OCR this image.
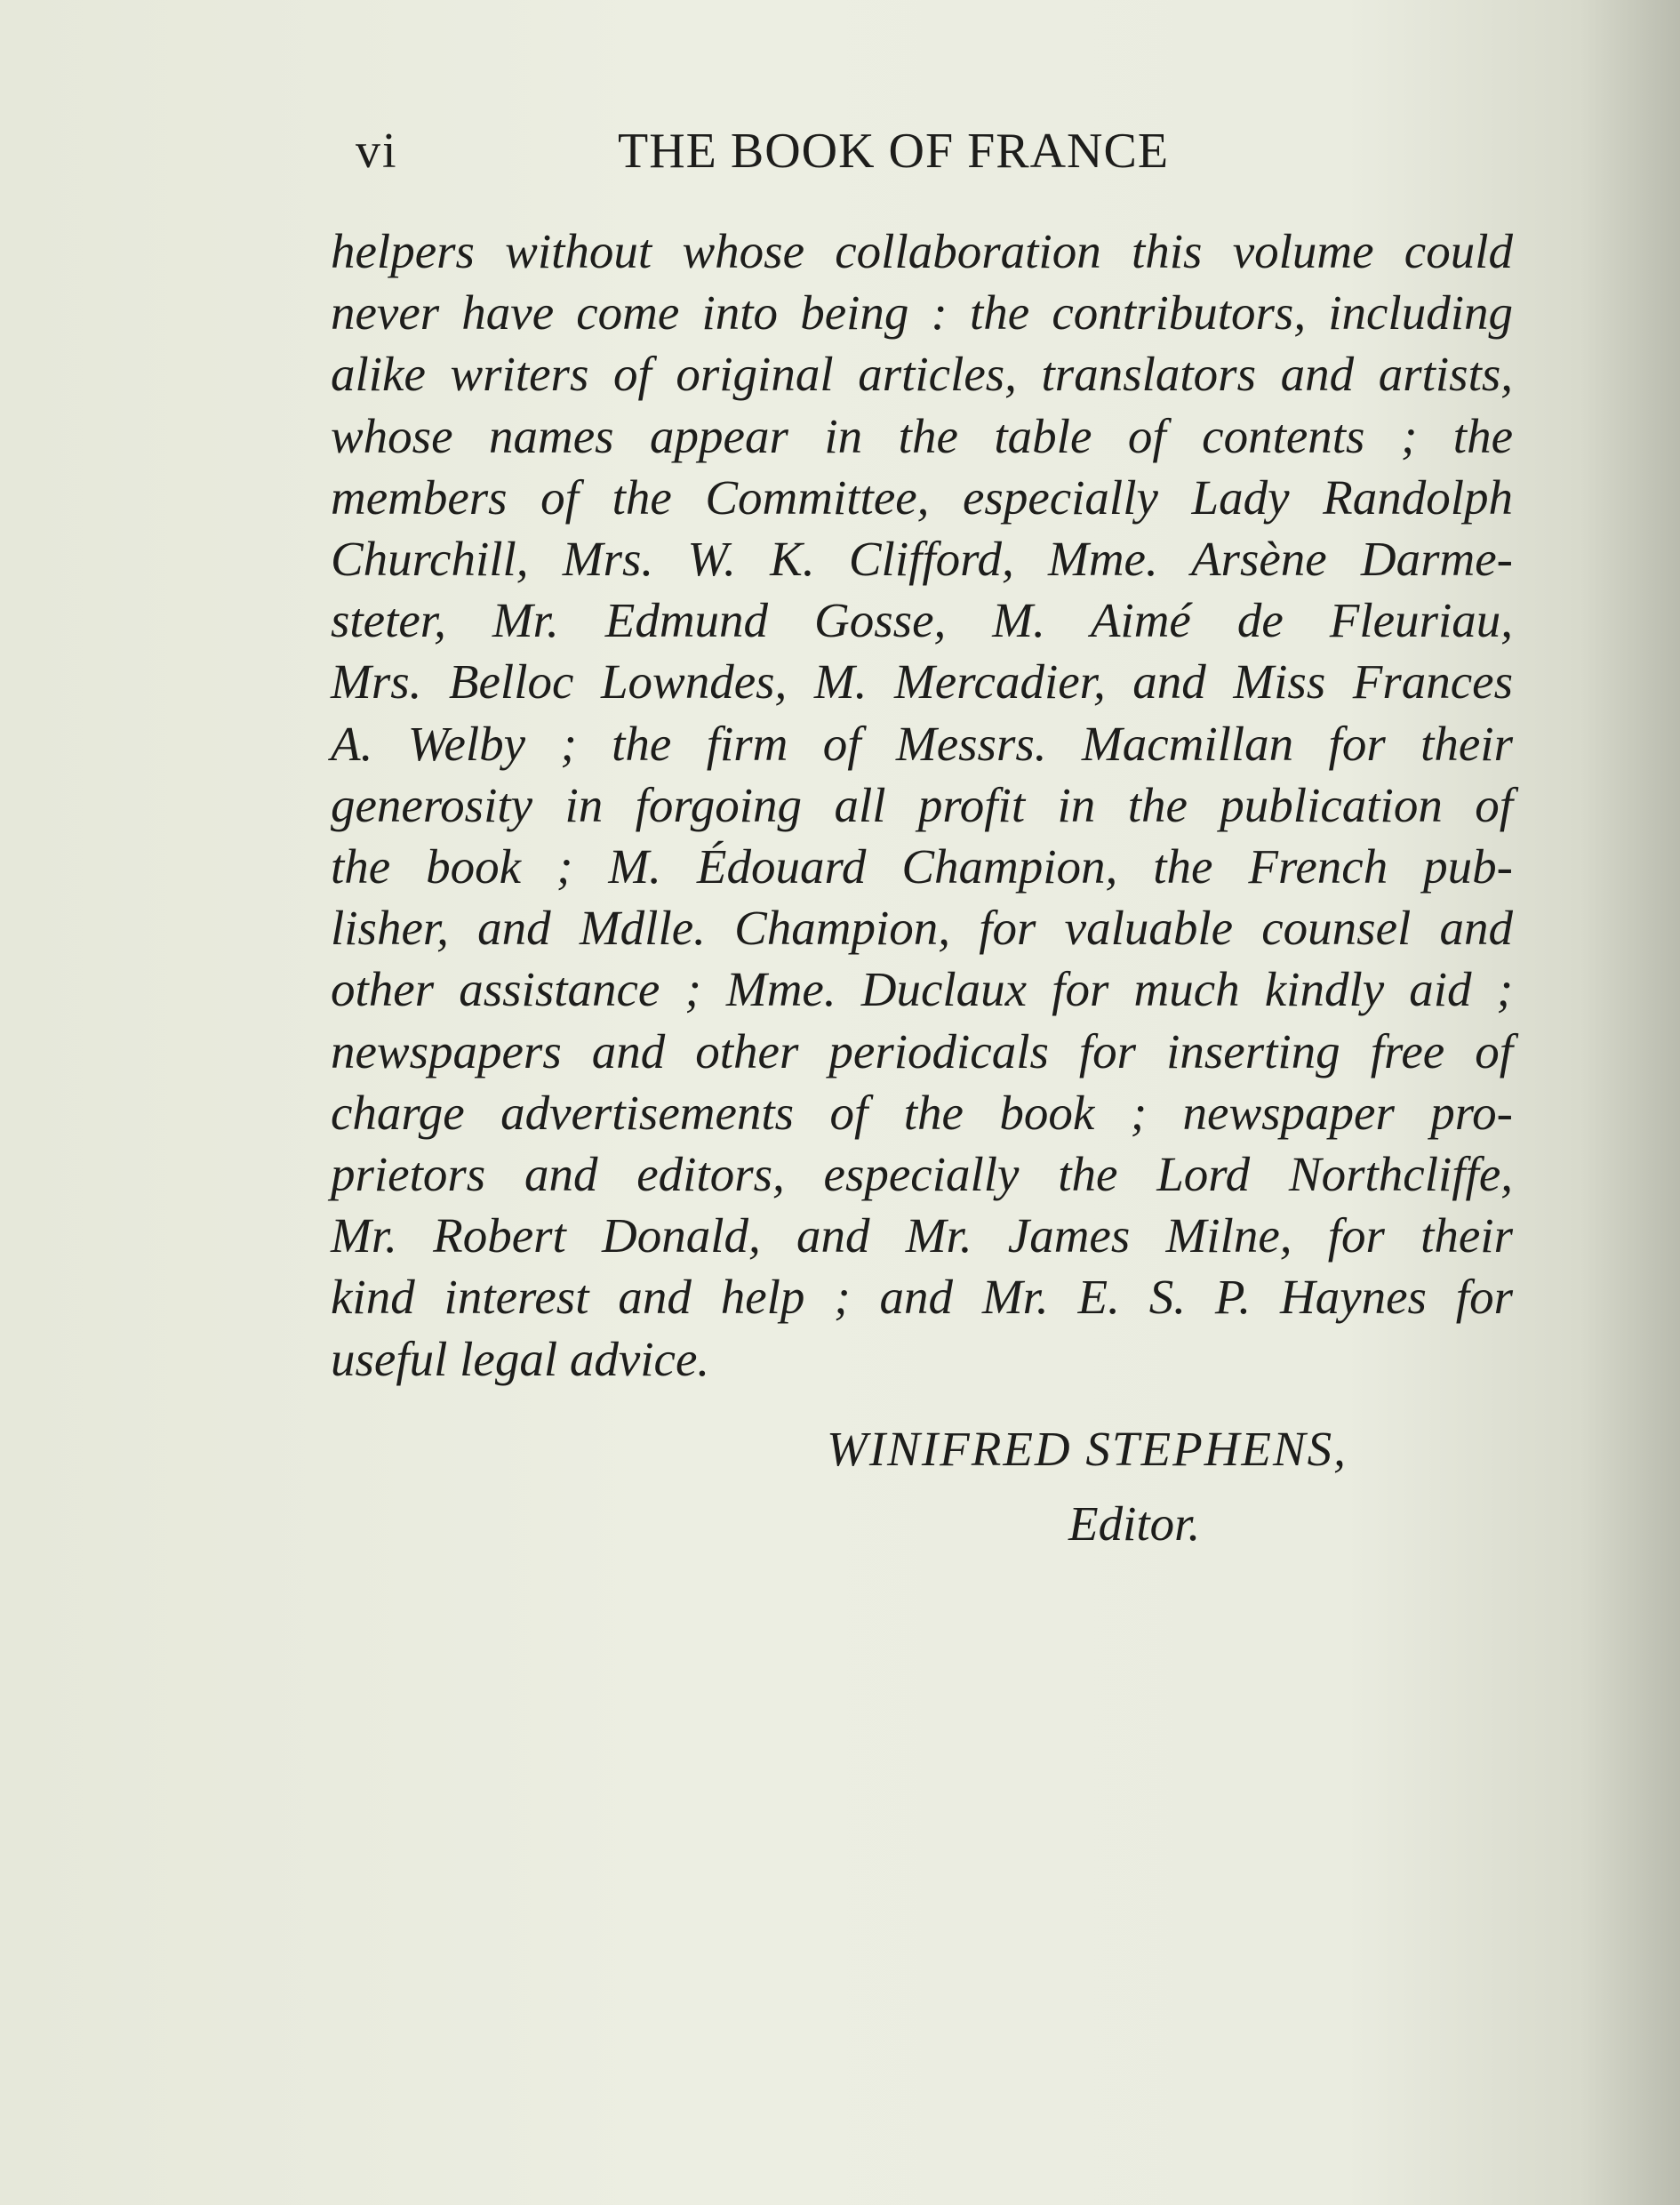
vi	THE BOOK OF FRANCE
helpers without whose collaboration this volume could
never have come into being : the contributors, including
alike writers of original articles, translators and artists,
whose names appear in the table of contents ; the
members of the Committee, especially Lady Randolph
Churchill, Mrs. W. K. Clifford, Mme. Arsène Darme-
steter, Mr. Edmund Gosse, M. Aimé de Fleuriau,
Mrs. Belloc Lowndes, M. Mercadier, and Miss Frances
A. Welby ; the firm of Messrs. Macmillan for their
generosity in forgoing all profit in the publication of
the book ; M. Édouard Champion, the French pub-
lisher, and Mdlle. Champion, for valuable counsel and
other assistance ; Mme. Duclaux for much kindly aid ;
newspapers and other periodicals for inserting free of
charge advertisements of the book ; newspaper pro-
prietors and editors, especially the Lord Northcliffe,
Mr. Robert Donald, and Mr. James Milne, for their
kind interest and help ; and Mr. E. S. P. Haynes for
useful legal advice.
WINIFRED STEPHENS,
Editor.
